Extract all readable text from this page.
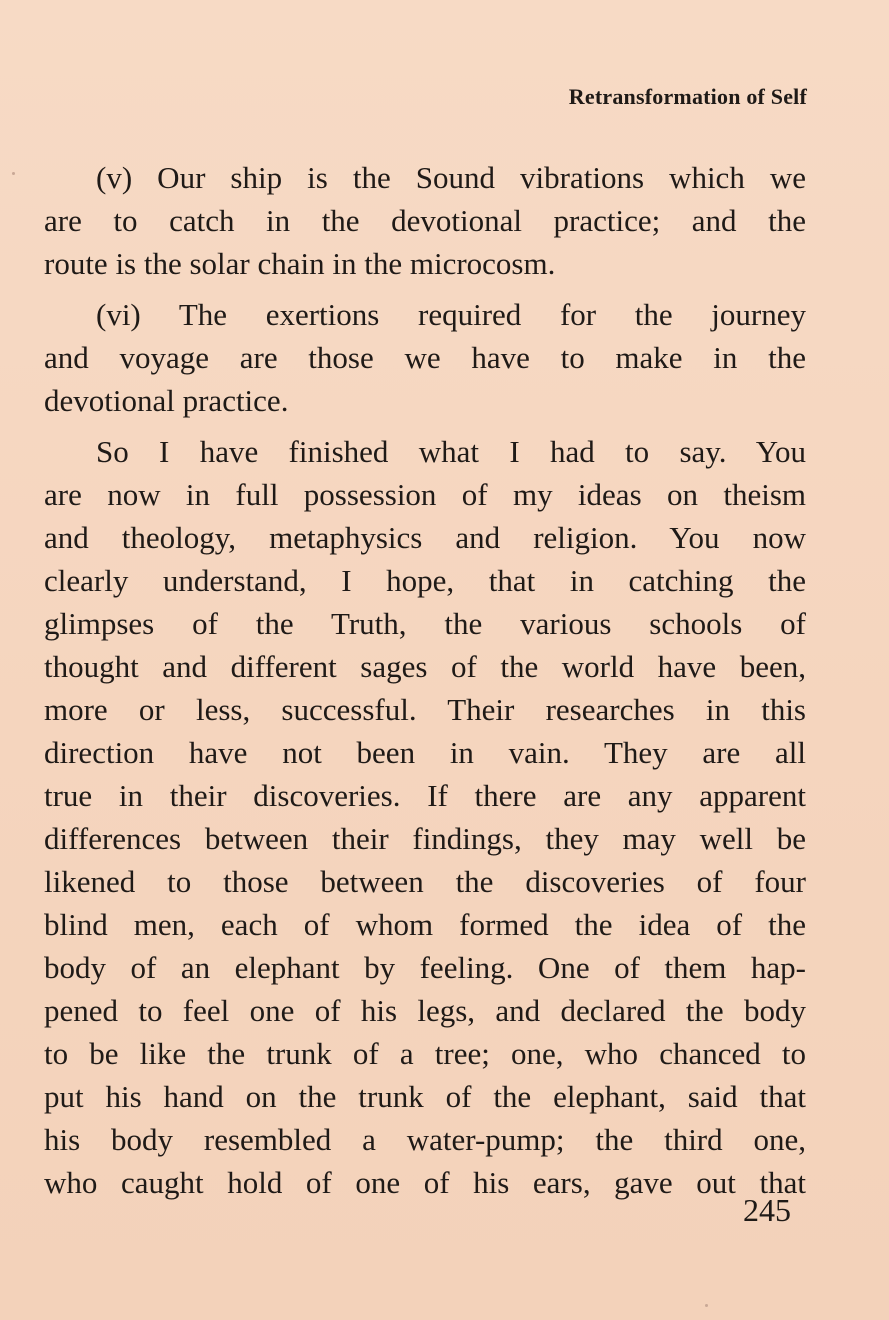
Retransformation of Self
(v) Our ship is the Sound vibrations which we
are to catch in the devotional practice; and the
route is the solar chain in the microcosm.
(vi) The exertions required for the journey
and voyage are those we have to make in the
devotional practice.
So I have finished what I had to say. You
are now in full possession of my ideas on theism
and theology, metaphysics and religion. You now
clearly understand, I hope, that in catching the
glimpses of the Truth, the various schools of
thought and different sages of the world have been,
more or less, successful. Their researches in this
direction have not been in vain. They are all
true in their discoveries. If there are any apparent
differences between their findings, they may well be
likened to those between the discoveries of four
blind men, each of whom formed the idea of the
body of an elephant by feeling. One of them hap-
pened to feel one of his legs, and declared the body
to be like the trunk of a tree; one, who chanced to
put his hand on the trunk of the elephant, said that
his body resembled a water-pump; the third one,
who caught hold of one of his ears, gave out that
245
